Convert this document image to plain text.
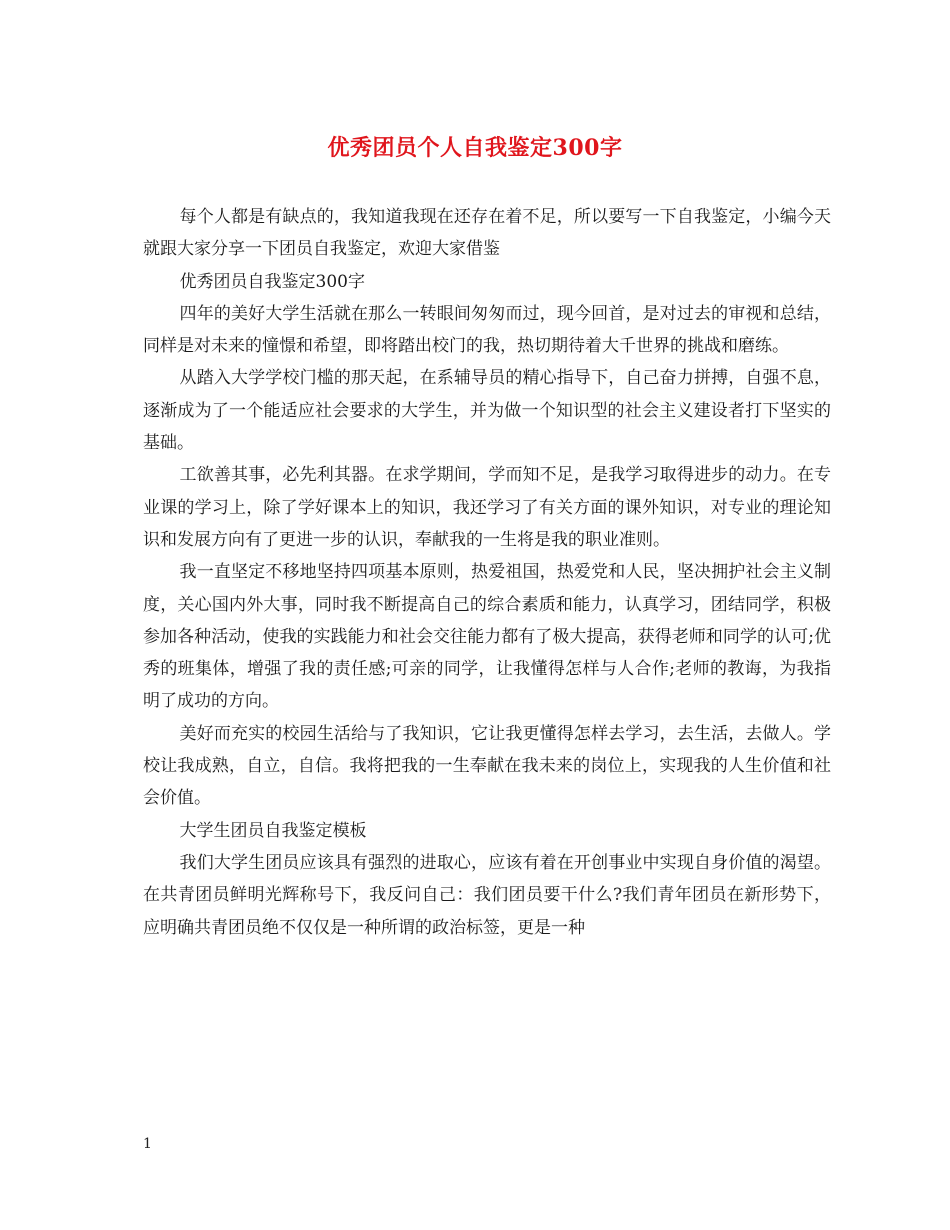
优秀团员个人自我鉴定300字

每个人都是有缺点的，我知道我现在还存在着不足，所以要写一下自我鉴定，小编今天就跟大家分享一下团员自我鉴定，欢迎大家借鉴

优秀团员自我鉴定300字

四年的美好大学生活就在那么一转眼间匆匆而过，现今回首，是对过去的审视和总结，同样是对未来的憧憬和希望，即将踏出校门的我，热切期待着大千世界的挑战和磨练。

从踏入大学学校门槛的那天起，在系辅导员的精心指导下，自己奋力拼搏，自强不息，逐渐成为了一个能适应社会要求的大学生，并为做一个知识型的社会主义建设者打下坚实的基础。

工欲善其事，必先利其器。在求学期间，学而知不足，是我学习取得进步的动力。在专业课的学习上，除了学好课本上的知识，我还学习了有关方面的课外知识，对专业的理论知识和发展方向有了更进一步的认识，奉献我的一生将是我的职业准则。

我一直坚定不移地坚持四项基本原则，热爱祖国，热爱党和人民，坚决拥护社会主义制度，关心国内外大事，同时我不断提高自己的综合素质和能力，认真学习，团结同学，积极参加各种活动，使我的实践能力和社会交往能力都有了极大提高，获得老师和同学的认可;优秀的班集体，增强了我的责任感;可亲的同学，让我懂得怎样与人合作;老师的教诲，为我指明了成功的方向。

美好而充实的校园生活给与了我知识，它让我更懂得怎样去学习，去生活，去做人。学校让我成熟，自立，自信。我将把我的一生奉献在我未来的岗位上，实现我的人生价值和社会价值。

大学生团员自我鉴定模板

我们大学生团员应该具有强烈的进取心，应该有着在开创事业中实现自身价值的渴望。在共青团员鲜明光辉称号下，我反问自己：我们团员要干什么?我们青年团员在新形势下，应明确共青团员绝不仅仅是一种所谓的政治标签，更是一种

1
